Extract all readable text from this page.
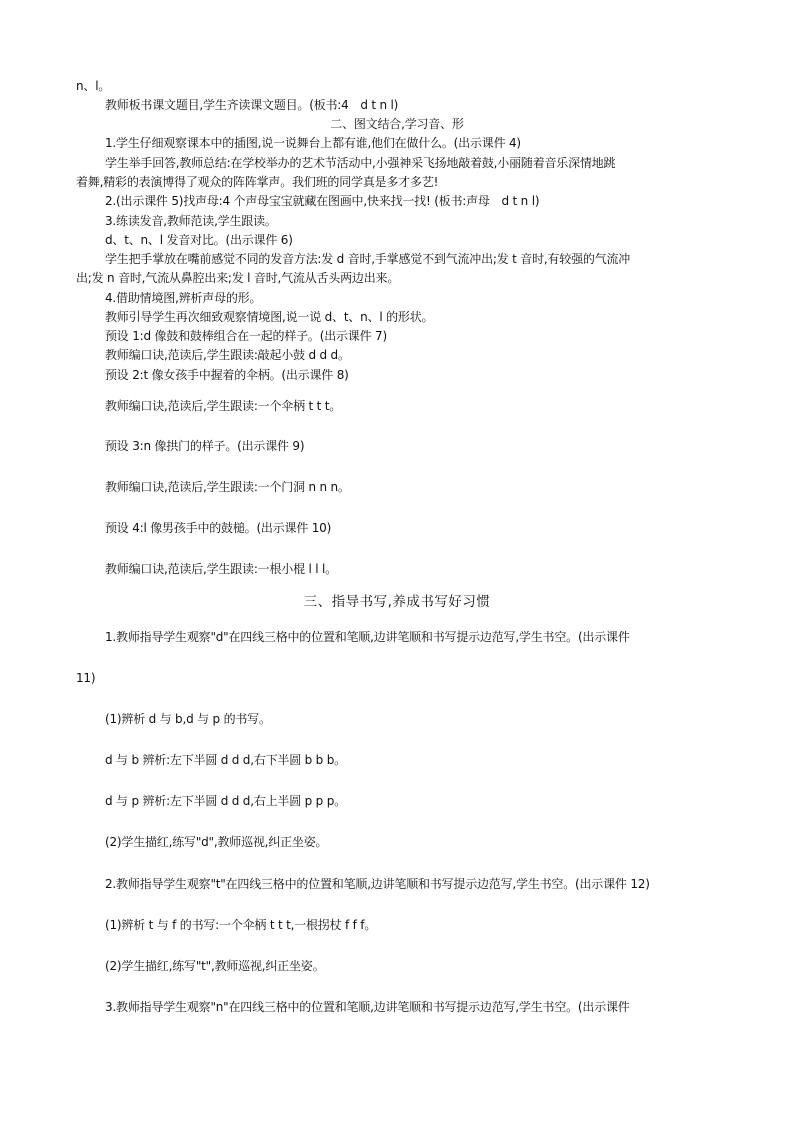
n、l。
教师板书课文题目,学生齐读课文题目。(板书:4　d t n l)
二、图文结合,学习音、形
1.学生仔细观察课本中的插图,说一说舞台上都有谁,他们在做什么。(出示课件 4)
学生举手回答,教师总结:在学校举办的艺术节活动中,小强神采飞扬地敲着鼓,小丽随着音乐深情地跳
着舞,精彩的表演博得了观众的阵阵掌声。我们班的同学真是多才多艺!
2.(出示课件 5)找声母:4 个声母宝宝就藏在图画中,快来找一找! (板书:声母　d t n l)
3.练读发音,教师范读,学生跟读。
d、t、n、l 发音对比。(出示课件 6)
学生把手掌放在嘴前感觉不同的发音方法:发 d 音时,手掌感觉不到气流冲出;发 t 音时,有较强的气流冲
出;发 n 音时,气流从鼻腔出来;发 l 音时,气流从舌头两边出来。
4.借助情境图,辨析声母的形。
教师引导学生再次细致观察情境图,说一说 d、t、n、l 的形状。
预设 1:d 像鼓和鼓棒组合在一起的样子。(出示课件 7)
教师编口诀,范读后,学生跟读:敲起小鼓 d d d。
预设 2:t 像女孩手中握着的伞柄。(出示课件 8)
教师编口诀,范读后,学生跟读:一个伞柄 t t t。
预设 3:n 像拱门的样子。(出示课件 9)
教师编口诀,范读后,学生跟读:一个门洞 n n n。
预设 4:l 像男孩手中的鼓槌。(出示课件 10)
教师编口诀,范读后,学生跟读:一根小棍 l l l。
三、指导书写,养成书写好习惯
1.教师指导学生观察"d"在四线三格中的位置和笔顺,边讲笔顺和书写提示边范写,学生书空。(出示课件
11)
(1)辨析 d 与 b,d 与 p 的书写。
d 与 b 辨析:左下半圆 d d d,右下半圆 b b b。
d 与 p 辨析:左下半圆 d d d,右上半圆 p p p。
(2)学生描红,练写"d",教师巡视,纠正坐姿。
2.教师指导学生观察"t"在四线三格中的位置和笔顺,边讲笔顺和书写提示边范写,学生书空。(出示课件 12)
(1)辨析 t 与 f 的书写:一个伞柄 t t t,一根拐杖 f f f。
(2)学生描红,练写"t",教师巡视,纠正坐姿。
3.教师指导学生观察"n"在四线三格中的位置和笔顺,边讲笔顺和书写提示边范写,学生书空。(出示课件
